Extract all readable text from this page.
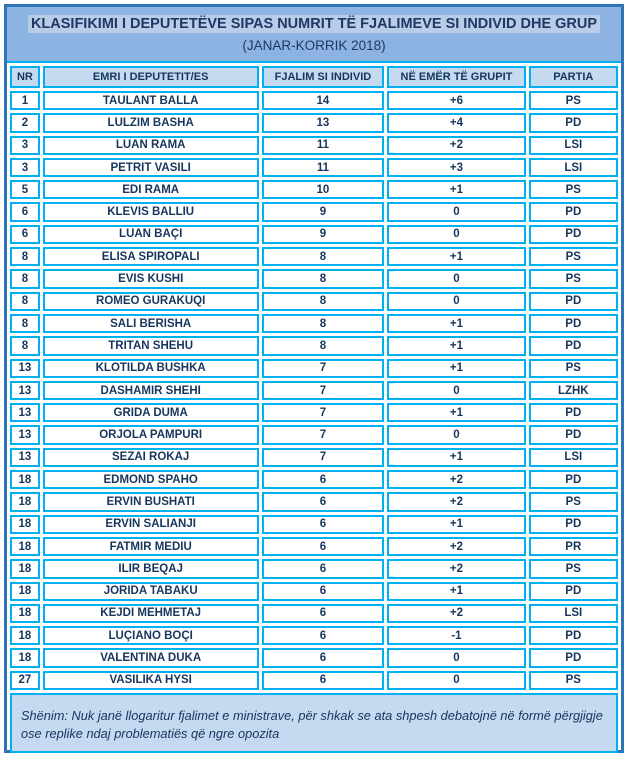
KLASIFIKIMI I DEPUTETËVE SIPAS NUMRIT TË FJALIMEVE SI INDIVID DHE GRUP
(JANAR-KORRIK 2018)
NR	EMRI I DEPUTETIT/ES	FJALIM SI INDIVID	NË EMËR TË GRUPIT	PARTIA
1	TAULANT BALLA	14	+6	PS
2	LULZIM BASHA	13	+4	PD
3	LUAN RAMA	11	+2	LSI
3	PETRIT VASILI	11	+3	LSI
5	EDI RAMA	10	+1	PS
6	KLEVIS BALLIU	9	0	PD
6	LUAN BAÇI	9	0	PD
8	ELISA SPIROPALI	8	+1	PS
8	EVIS KUSHI	8	0	PS
8	ROMEO GURAKUQI	8	0	PD
8	SALI BERISHA	8	+1	PD
8	TRITAN SHEHU	8	+1	PD
13	KLOTILDA BUSHKA	7	+1	PS
13	DASHAMIR SHEHI	7	0	LZHK
13	GRIDA DUMA	7	+1	PD
13	ORJOLA PAMPURI	7	0	PD
13	SEZAI ROKAJ	7	+1	LSI
18	EDMOND SPAHO	6	+2	PD
18	ERVIN BUSHATI	6	+2	PS
18	ERVIN SALIANJI	6	+1	PD
18	FATMIR MEDIU	6	+2	PR
18	ILIR BEQAJ	6	+2	PS
18	JORIDA TABAKU	6	+1	PD
18	KEJDI MEHMETAJ	6	+2	LSI
18	LUÇIANO BOÇI	6	-1	PD
18	VALENTINA DUKA	6	0	PD
27	VASILIKA HYSI	6	0	PS
Shënim: Nuk janë llogaritur fjalimet e ministrave, për shkak se ata shpesh debatojnë në formë përgjigje ose replike ndaj problematiës që ngre opozita
